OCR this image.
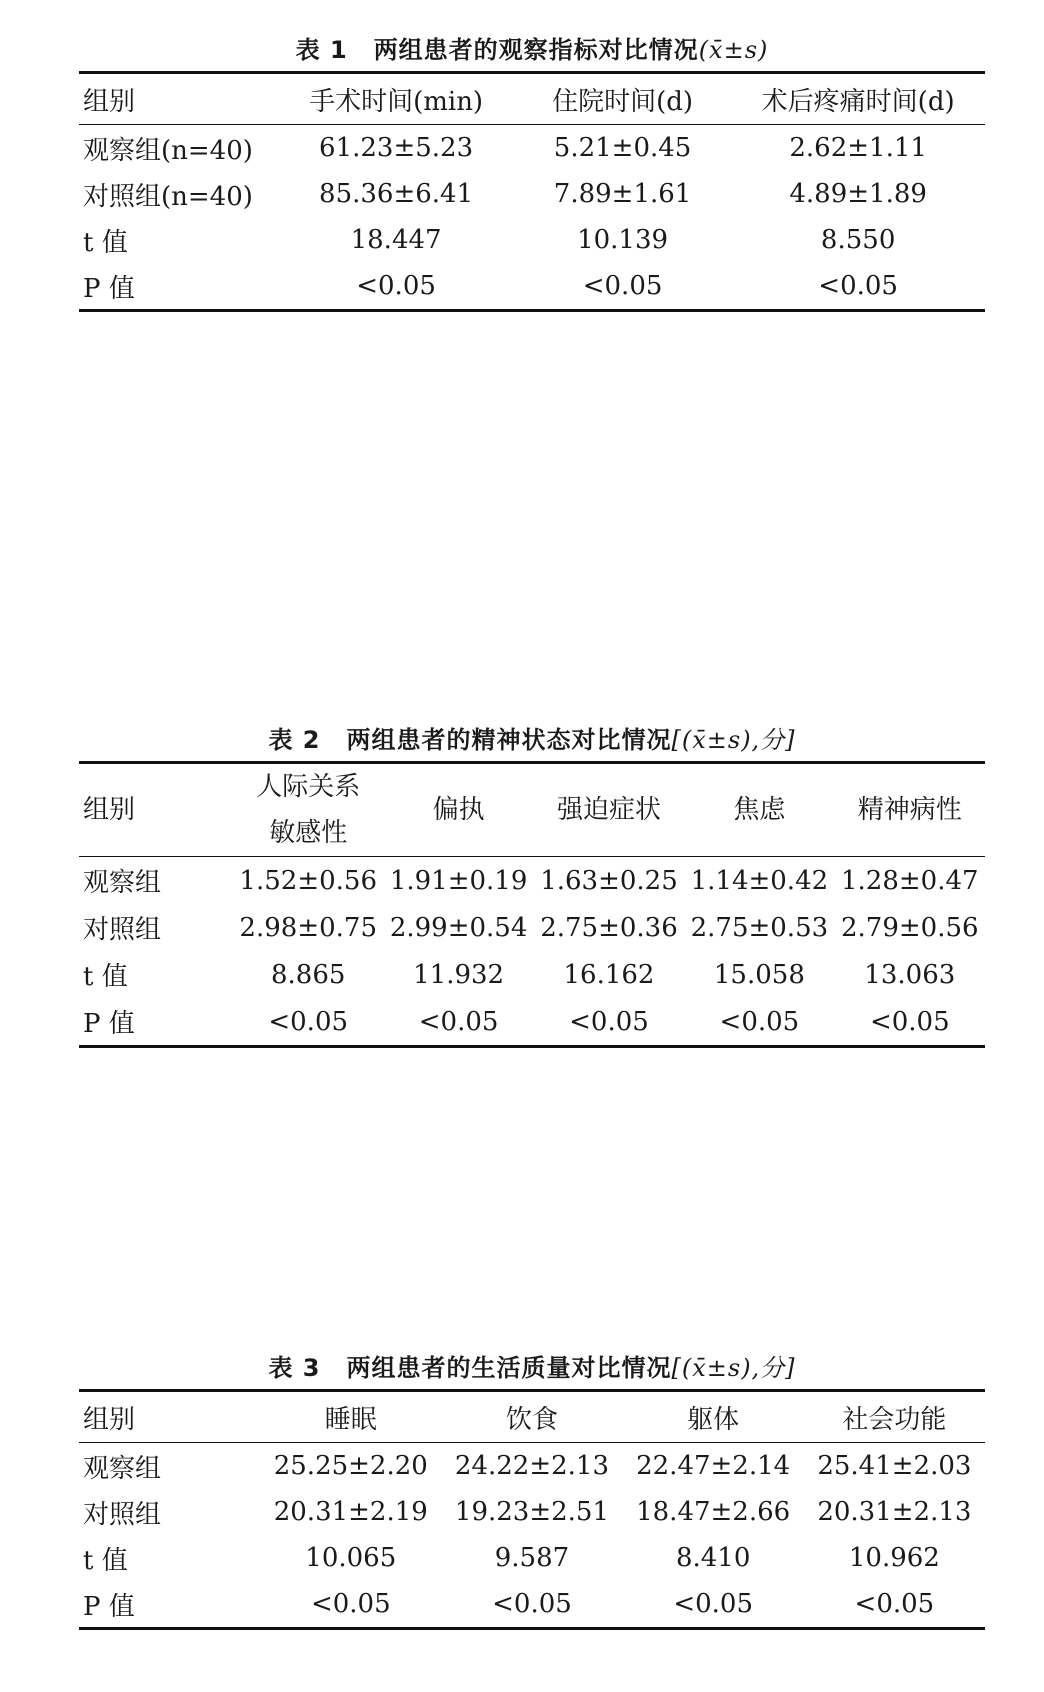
表 1 两组患者的观察指标对比情况(x̄±s)
组别	手术时间(min)	住院时间(d)	术后疼痛时间(d)
观察组(n=40)	61.23±5.23	5.21±0.45	2.62±1.11
对照组(n=40)	85.36±6.41	7.89±1.61	4.89±1.89
t 值	18.447	10.139	8.550
P 值	<0.05	<0.05	<0.05
表 2 两组患者的精神状态对比情况[(x̄±s),分]
组别	人际关系敏感性	偏执	强迫症状	焦虑	精神病性
观察组	1.52±0.56	1.91±0.19	1.63±0.25	1.14±0.42	1.28±0.47
对照组	2.98±0.75	2.99±0.54	2.75±0.36	2.75±0.53	2.79±0.56
t 值	8.865	11.932	16.162	15.058	13.063
P 值	<0.05	<0.05	<0.05	<0.05	<0.05
表 3 两组患者的生活质量对比情况[(x̄±s),分]
组别	睡眠	饮食	躯体	社会功能
观察组	25.25±2.20	24.22±2.13	22.47±2.14	25.41±2.03
对照组	20.31±2.19	19.23±2.51	18.47±2.66	20.31±2.13
t 值	10.065	9.587	8.410	10.962
P 值	<0.05	<0.05	<0.05	<0.05
